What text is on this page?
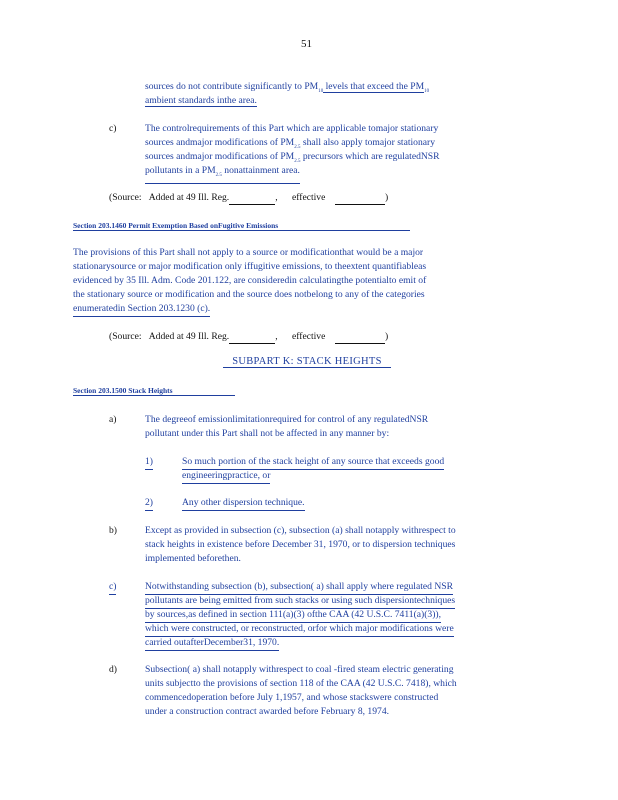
51
sources do not contribute significantly to $PM_{10}$ levels that exceed the $PM_{10}$
ambient standards inthe area.
c)	The controlrequirements of this Part which are applicable tomajor stationary
sources andmajor modifications of $PM_{2.5}$ shall also apply tomajor stationary
sources andmajor modifications of $PM_{2.5}$ precursors which are regulatedNSR
pollutants in a $PM_{2.5}$ nonattainment area.
(Source: Added at 49 Ill. Reg.	,      effective	)
Section 203.1460 Permit Exemption Based onFugitive Emissions
The provisions of this Part shall not apply to a source or modificationthat would be a major
stationarysource or major modification only iffugitive emissions, to theextent quantifiableas
evidenced by 35 Ill. Adm. Code 201.122, are consideredin calculatingthe potentialto emit of
the stationary source or modification and the source does notbelong to any of the categories
enumeratedin Section 203.1230 (c).
(Source: Added at 49 Ill. Reg.	,      effective	)
SUBPART K: STACK HEIGHTS
Section 203.1500 Stack Heights
a)	The degreeof emissionlimitationrequired for control of any regulatedNSR
pollutant under this Part shall not be affected in any manner by:
1)	So much portion of the stack height of any source that exceeds good
engineeringpractice, or
2)	Any other dispersion technique.
b)	Except as provided in subsection (c), subsection (a) shall notapply withrespect to
stack heights in existence before December 31, 1970, or to dispersion techniques
implemented beforethen.
c)	Notwithstanding subsection (b), subsection( a) shall apply where regulated NSR
pollutants are being emitted from such stacks or using such dispersiontechniques
by sources,as defined in section 111(a)(3) ofthe CAA (42 U.S.C. 7411(a)(3)),
which were constructed, or reconstructed, orfor which major modifications were
carried outafterDecember31, 1970.
d)	Subsection( a) shall notapply withrespect to coal -fired steam electric generating
units subjectto the provisions of section 118 of the CAA (42 U.S.C. 7418), which
commencedoperation before July 1,1957, and whose stackswere constructed
under a construction contract awarded before February 8, 1974.
